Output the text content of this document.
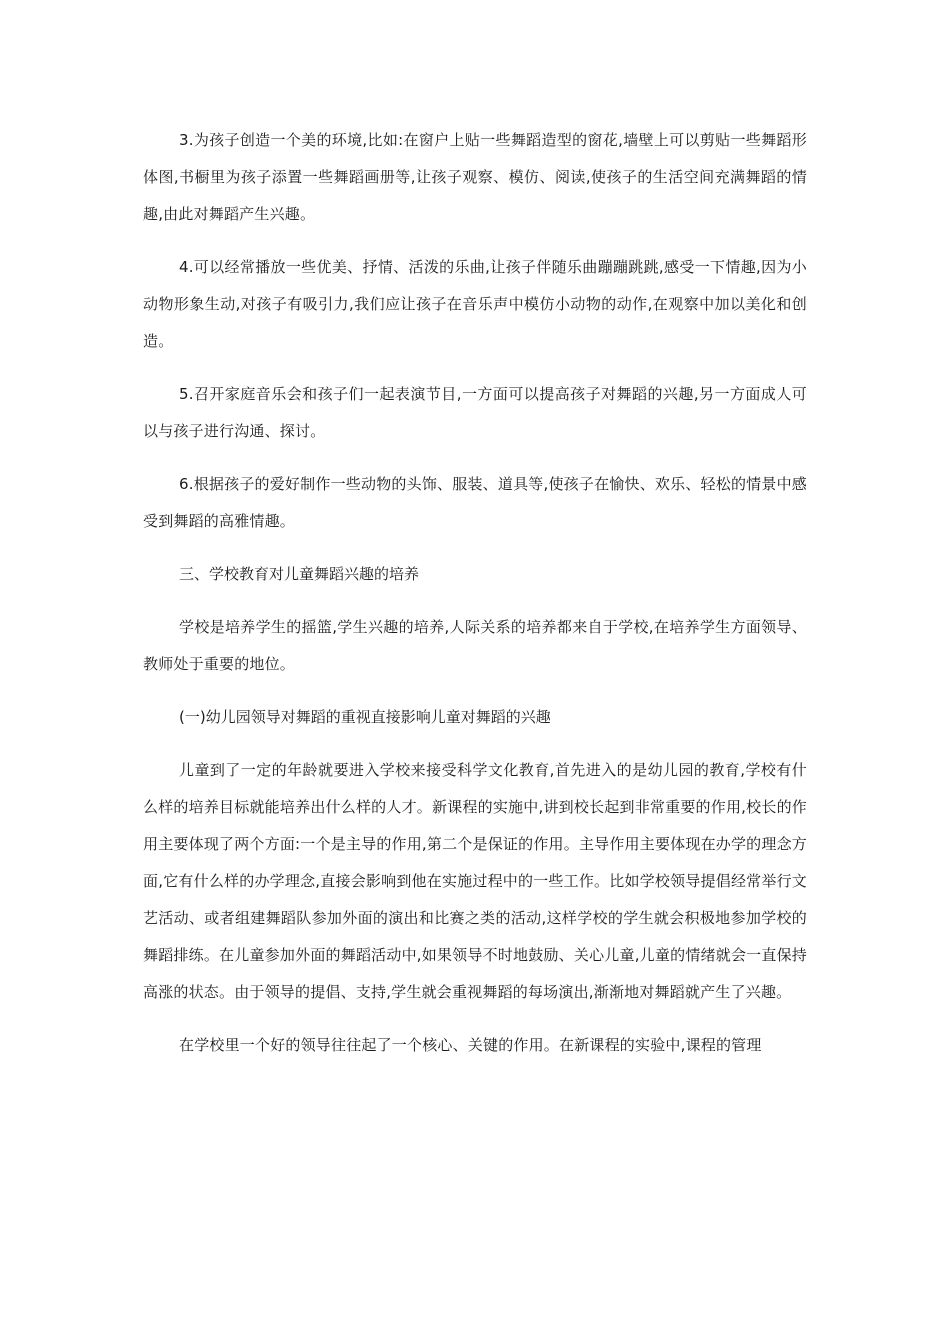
3.为孩子创造一个美的环境,比如:在窗户上贴一些舞蹈造型的窗花,墙壁上可以剪贴一些舞蹈形体图,书橱里为孩子添置一些舞蹈画册等,让孩子观察、模仿、阅读,使孩子的生活空间充满舞蹈的情趣,由此对舞蹈产生兴趣。

4.可以经常播放一些优美、抒情、活泼的乐曲,让孩子伴随乐曲蹦蹦跳跳,感受一下情趣,因为小动物形象生动,对孩子有吸引力,我们应让孩子在音乐声中模仿小动物的动作,在观察中加以美化和创造。

5.召开家庭音乐会和孩子们一起表演节目,一方面可以提高孩子对舞蹈的兴趣,另一方面成人可以与孩子进行沟通、探讨。

6.根据孩子的爱好制作一些动物的头饰、服装、道具等,使孩子在愉快、欢乐、轻松的情景中感受到舞蹈的高雅情趣。

三、学校教育对儿童舞蹈兴趣的培养

学校是培养学生的摇篮,学生兴趣的培养,人际关系的培养都来自于学校,在培养学生方面领导、教师处于重要的地位。

(一)幼儿园领导对舞蹈的重视直接影响儿童对舞蹈的兴趣

儿童到了一定的年龄就要进入学校来接受科学文化教育,首先进入的是幼儿园的教育,学校有什么样的培养目标就能培养出什么样的人才。新课程的实施中,讲到校长起到非常重要的作用,校长的作用主要体现了两个方面:一个是主导的作用,第二个是保证的作用。主导作用主要体现在办学的理念方面,它有什么样的办学理念,直接会影响到他在实施过程中的一些工作。比如学校领导提倡经常举行文艺活动、或者组建舞蹈队参加外面的演出和比赛之类的活动,这样学校的学生就会积极地参加学校的舞蹈排练。在儿童参加外面的舞蹈活动中,如果领导不时地鼓励、关心儿童,儿童的情绪就会一直保持高涨的状态。由于领导的提倡、支持,学生就会重视舞蹈的每场演出,渐渐地对舞蹈就产生了兴趣。

在学校里一个好的领导往往起了一个核心、关键的作用。在新课程的实验中,课程的管理
